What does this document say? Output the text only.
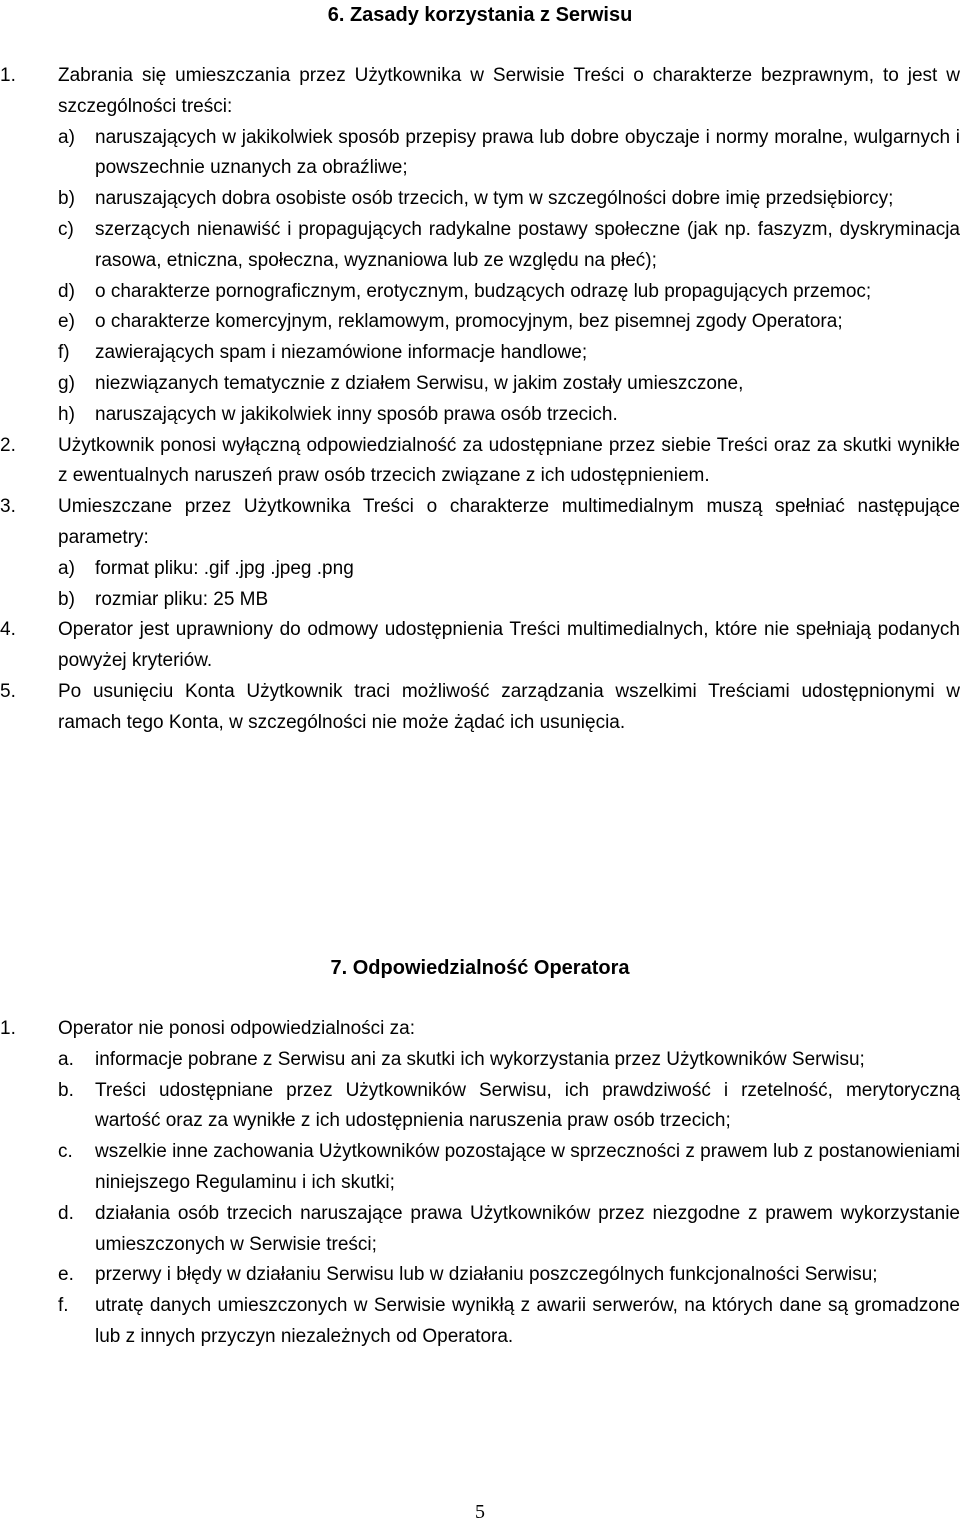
6. Zasady korzystania z Serwisu
1. Zabrania się umieszczania przez Użytkownika w Serwisie Treści o charakterze bezprawnym, to jest w szczególności treści:
a) naruszających w jakikolwiek sposób przepisy prawa lub dobre obyczaje i normy moralne, wulgarnych i powszechnie uznanych za obraźliwe;
b) naruszających dobra osobiste osób trzecich, w tym w szczególności dobre imię przedsiębiorcy;
c) szerzących nienawiść i propagujących radykalne postawy społeczne (jak np. faszyzm, dyskryminacja rasowa, etniczna, społeczna, wyznaniowa lub ze względu na płeć);
d) o charakterze pornograficznym, erotycznym, budzących odrazę lub propagujących przemoc;
e) o charakterze komercyjnym, reklamowym, promocyjnym, bez pisemnej zgody Operatora;
f) zawierających spam i niezamówione informacje handlowe;
g) niezwiązanych tematycznie z działem Serwisu, w jakim zostały umieszczone,
h) naruszających w jakikolwiek inny sposób prawa osób trzecich.
2. Użytkownik ponosi wyłączną odpowiedzialność za udostępniane przez siebie Treści oraz za skutki wynikłe z ewentualnych naruszeń praw osób trzecich związane z ich udostępnieniem.
3. Umieszczane przez Użytkownika Treści o charakterze multimedialnym muszą spełniać następujące parametry:
a) format pliku: .gif .jpg .jpeg .png
b) rozmiar pliku: 25 MB
4. Operator jest uprawniony do odmowy udostępnienia Treści multimedialnych, które nie spełniają podanych powyżej kryteriów.
5. Po usunięciu Konta Użytkownik traci możliwość zarządzania wszelkimi Treściami udostępnionymi w ramach tego Konta, w szczególności nie może żądać ich usunięcia.
7. Odpowiedzialność Operatora
1. Operator nie ponosi odpowiedzialności za:
a. informacje pobrane z Serwisu ani za skutki ich wykorzystania przez Użytkowników Serwisu;
b. Treści udostępniane przez Użytkowników Serwisu, ich prawdziwość i rzetelność, merytoryczną wartość oraz za wynikłe z ich udostępnienia naruszenia praw osób trzecich;
c. wszelkie inne zachowania Użytkowników pozostające w sprzeczności z prawem lub z postanowieniami niniejszego Regulaminu i ich skutki;
d. działania osób trzecich naruszające prawa Użytkowników przez niezgodne z prawem wykorzystanie umieszczonych w Serwisie treści;
e. przerwy i błędy w działaniu Serwisu lub w działaniu poszczególnych funkcjonalności Serwisu;
f. utratę danych umieszczonych w Serwisie wynikłą z awarii serwerów, na których dane są gromadzone lub z innych przyczyn niezależnych od Operatora.
5
